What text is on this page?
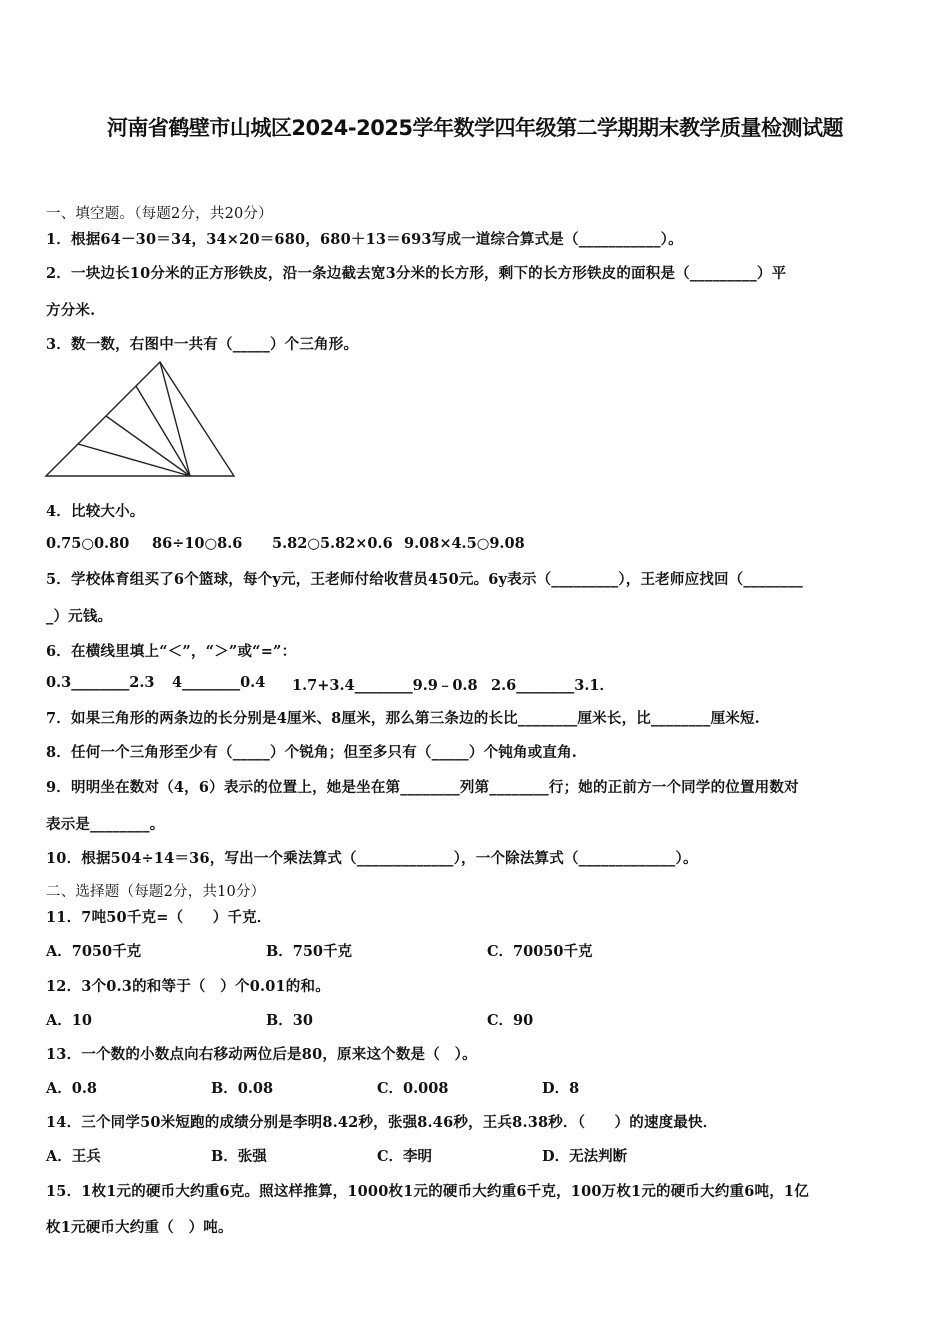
河南省鹤壁市山城区2024-2025学年数学四年级第二学期期末教学质量检测试题
一、填空题。（每题2分，共20分）
1．根据64－30＝34，34×20＝680，680＋13＝693写成一道综合算式是（___________）。
2．一块边长10分米的正方形铁皮，沿一条边截去宽3分米的长方形，剩下的长方形铁皮的面积是（_________）平
方分米.
3．数一数，右图中一共有（_____）个三角形。
4．比较大小。
0.75○0.80 86÷10○8.6 5.82○5.82×0.6 9.08×4.5○9.08
5．学校体育组买了6个篮球，每个y元，王老师付给收营员450元。6y表示（_________），王老师应找回（________
_）元钱。
6．在横线里填上“＜”，“＞”或“=”：
0.3________2.3 4________0.4 1.7+3.4________9.9﹣0.8 2.6________3.1．
7．如果三角形的两条边的长分别是4厘米、8厘米，那么第三条边的长比________厘米长，比________厘米短.
8．任何一个三角形至少有（_____）个锐角；但至多只有（_____）个钝角或直角.
9．明明坐在数对（4，6）表示的位置上，她是坐在第________列第________行；她的正前方一个同学的位置用数对
表示是________。
10．根据504÷14＝36，写出一个乘法算式（_____________），一个除法算式（_____________）。
二、选择题（每题2分，共10分）
11．7吨50千克=（　　）千克．
A．7050千克	B．750千克	C．70050千克
12．3个0.3的和等于（　）个0.01的和。
A．10	B．30	C．90
13．一个数的小数点向右移动两位后是80，原来这个数是（　）。
A．0.8	B．0.08	C．0.008	D．8
14．三个同学50米短跑的成绩分别是李明8.42秒，张强8.46秒，王兵8.38秒．（　　）的速度最快．
A．王兵	B．张强	C．李明	D．无法判断
15．1枚1元的硬币大约重6克。照这样推算，1000枚1元的硬币大约重6千克，100万枚1元的硬币大约重6吨，1亿
枚1元硬币大约重（　）吨。
